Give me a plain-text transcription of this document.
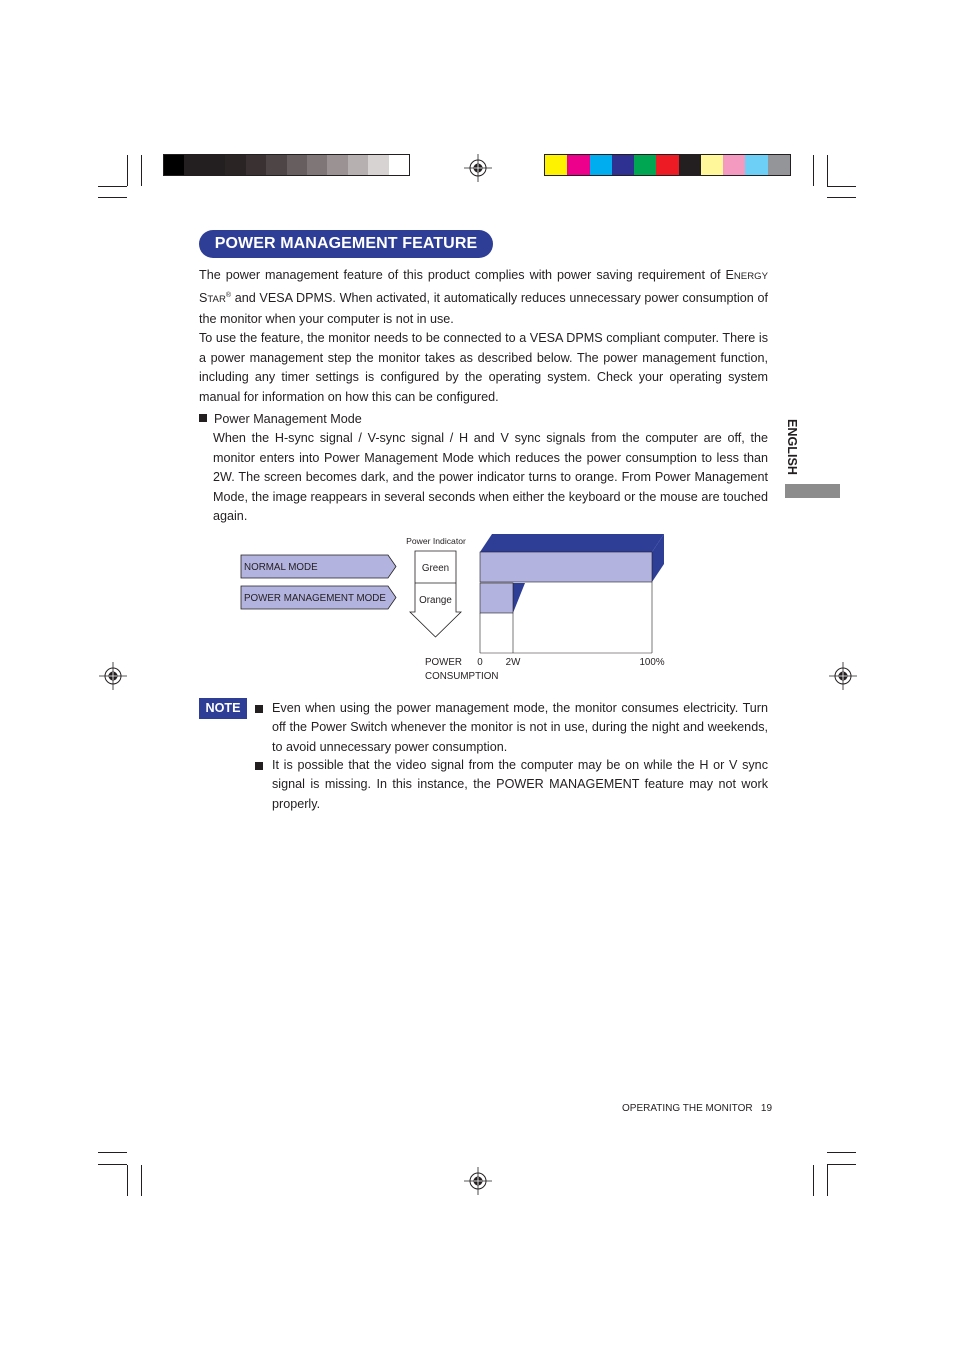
POWER MANAGEMENT FEATURE

The power management feature of this product complies with power saving requirement of ENERGY STAR® and VESA DPMS. When activated, it automatically reduces unnecessary power consumption of the monitor when your computer is not in use.

To use the feature, the monitor needs to be connected to a VESA DPMS compliant computer. There is a power management step the monitor takes as described below. The power management function, including any timer settings is configured by the operating system. Check your operating system manual for information on how this can be configured.

Power Management Mode

When the H-sync signal / V-sync signal / H and V sync signals from the computer are off, the monitor enters into Power Management Mode which reduces the power consumption to less than 2W. The screen becomes dark, and the power indicator turns to orange. From Power Management Mode, the image reappears in several seconds when either the keyboard or the mouse are touched again.

ENGLISH
Power Indicator
NORMAL MODE
POWER MANAGEMENT MODE
Green
Orange
POWER
CONSUMPTION
0 2W	100%
NOTE	Even when using the power management mode, the monitor consumes electricity. Turn off the Power Switch whenever the monitor is not in use, during the night and weekends, to avoid unnecessary power consumption.

It is possible that the video signal from the computer may be on while the H or V sync signal is missing. In this instance, the POWER MANAGEMENT feature may not work properly.

OPERATING THE MONITOR 19
